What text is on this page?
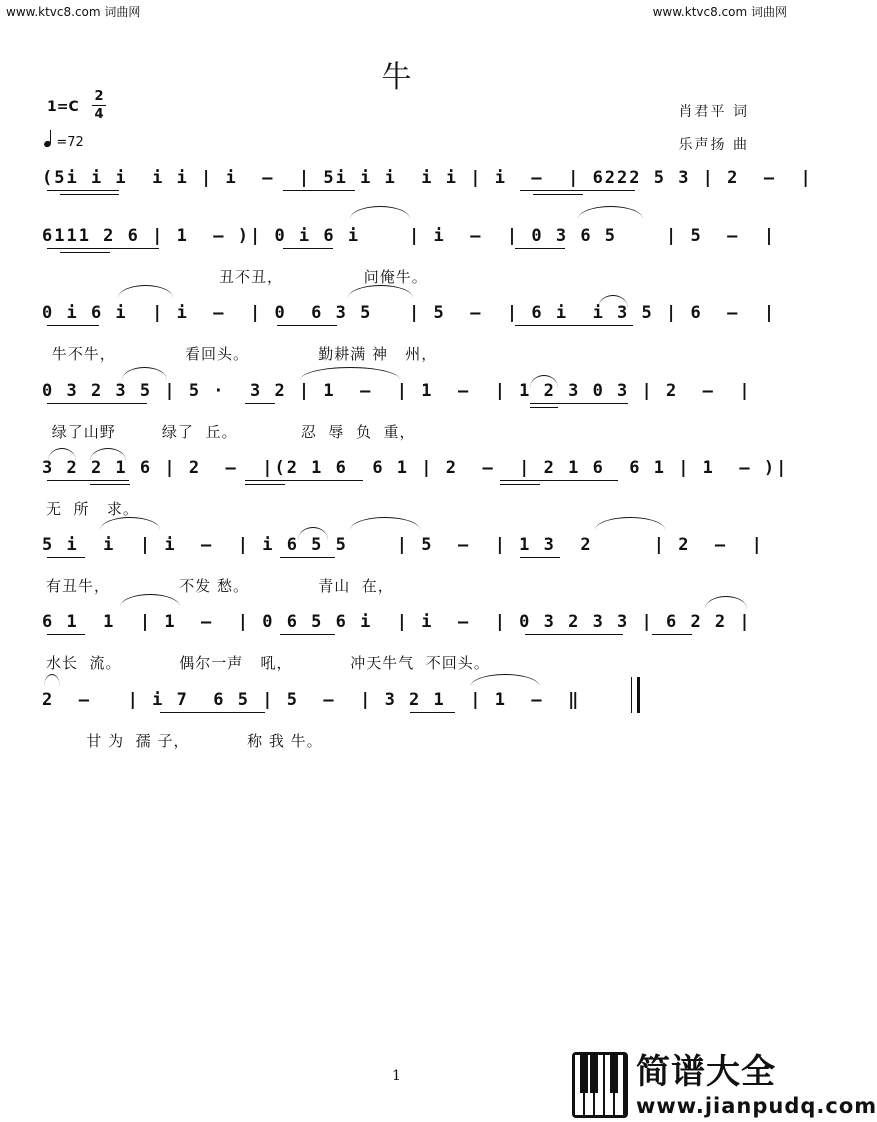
www.ktvc8.com 词曲网	www.ktvc8.com 词曲网
牛
1=C
2
4
=72
肖君平 词
乐声扬 曲
(5i i i  i i | i  –  | 5i i i  i i | i  –  | 6222 5 3 | 2  –  |
6111 2 6 | 1  – )| 0 i 6 i    | i  –  | 0 3 6 5    | 5  –  |
丑不丑，              问俺牛。
0 i 6 i  | i  –  | 0  6 3 5   | 5  –  | 6 i  i 3 5 | 6  –  |
牛不牛，            看回头。            勤耕满 神   州，
0 3 2 3 5 | 5 ·  3 2 | 1  –  | 1  –  | 1 2 3 0 3 | 2  –  |
绿了山野        绿了  丘。           忍  辱  负  重，
3 2 2 1 6 | 2  –  |(2 1 6  6 1 | 2  –  | 2 1 6  6 1 | 1  – )|
无  所   求。
5 i  i  | i  –  | i 6 5 5    | 5  –  | 1 3  2     | 2  –  |
有丑牛，            不发 愁。            青山  在，
6 1  1  | 1  –  | 0 6 5 6 i  | i  –  | 0 3 2 3 3 | 6 2 2 |
水长  流。          偶尔一声   吼，          冲天牛气  不回头。
2  –   | i 7  6 5 | 5  –  | 3 2 1  | 1  –  ‖
甘 为  孺 子，          称 我 牛。
1	简谱大全
www.jianpudq.com
